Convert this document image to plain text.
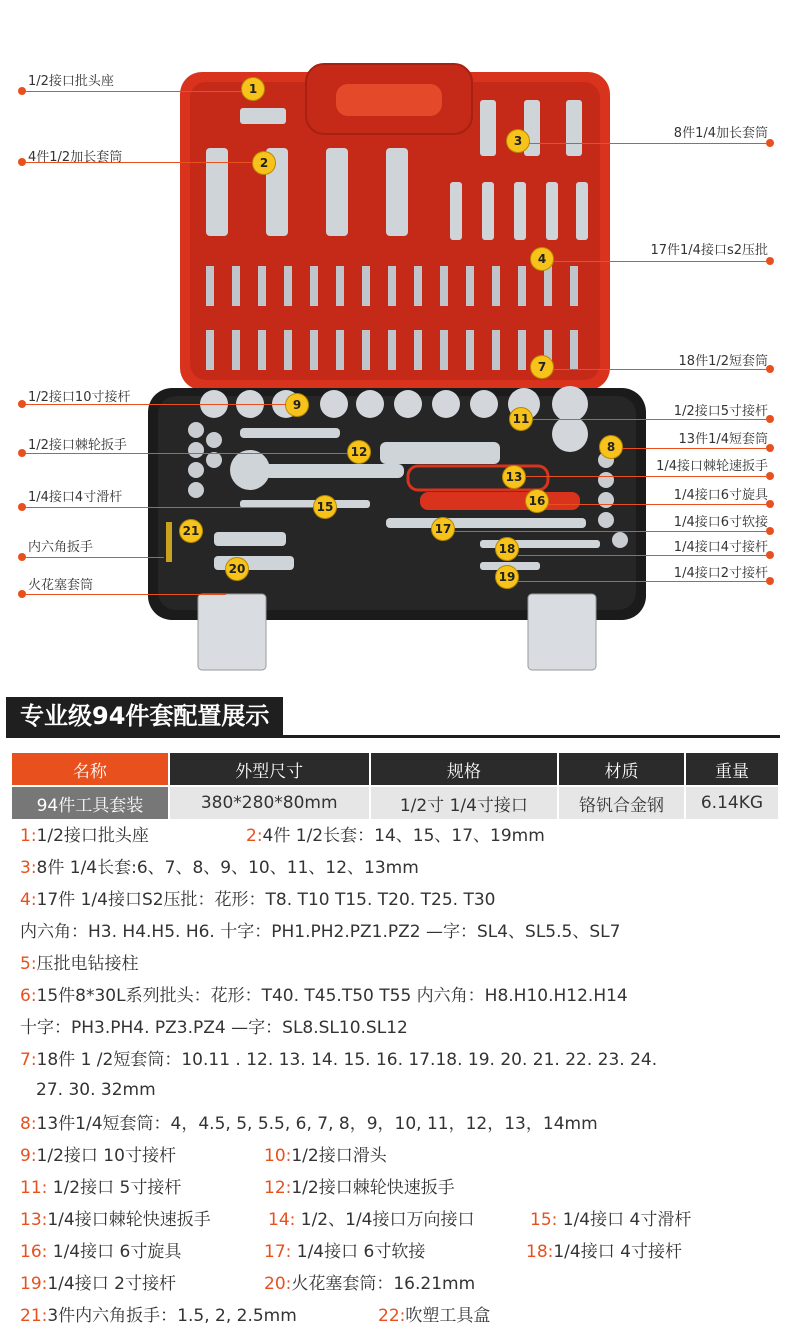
1
2
3
4
7
8
9
11
12
13
15	16
17
18
19
20
21
1/2接口批头座
4件1/2加长套筒
1/2接口10寸接杆
1/2接口棘轮扳手
1/4接口4寸滑杆
内六角扳手
火花塞套筒
8件1/4加长套筒
17件1/4接口s2压批
18件1/2短套筒
1/2接口5寸接杆
13件1/4短套筒
1/4接口棘轮速扳手
1/4接口6寸旋具
1/4接口6寸软接
1/4接口4寸接杆
1/4接口2寸接杆
专业级94件套配置展示
名称	外型尺寸	规格	材质	重量
94件工具套装	380*280*80mm	1/2寸 1/4寸接口	铬钒合金钢	6.14KG
1:1/2接口批头座	2:4件 1/2长套：14、15、17、19mm
3:8件 1/4长套:6、7、8、9、10、11、12、13mm
4:17件 1/4接口S2压批：花形：T8. T10 T15. T20. T25. T30
内六角：H3. H4.H5. H6. 十字：PH1.PH2.PZ1.PZ2 —字：SL4、SL5.5、SL7
5:压批电钻接柱
6:15件8*30L系列批头：花形：T40. T45.T50 T55 内六角：H8.H10.H12.H14
十字：PH3.PH4. PZ3.PZ4 —字：SL8.SL10.SL12
7:18件 1 /2短套筒：10.11 . 12. 13. 14. 15. 16. 17.18. 19. 20. 21. 22. 23. 24.
27. 30. 32mm
8:13件1/4短套筒：4，4.5, 5, 5.5, 6, 7, 8，9，10, 11，12，13，14mm
9:1/2接口 10寸接杆	10:1/2接口滑头
11: 1/2接口 5寸接杆	12:1/2接口棘轮快速扳手
13:1/4接口棘轮快速扳手	14: 1/2、1/4接口万向接口	15: 1/4接口 4寸滑杆
16: 1/4接口 6寸旋具	17: 1/4接口 6寸软接	18:1/4接口 4寸接杆
19:1/4接口 2寸接杆	20:火花塞套筒：16.21mm
21:3件内六角扳手：1.5, 2, 2.5mm	22:吹塑工具盒
